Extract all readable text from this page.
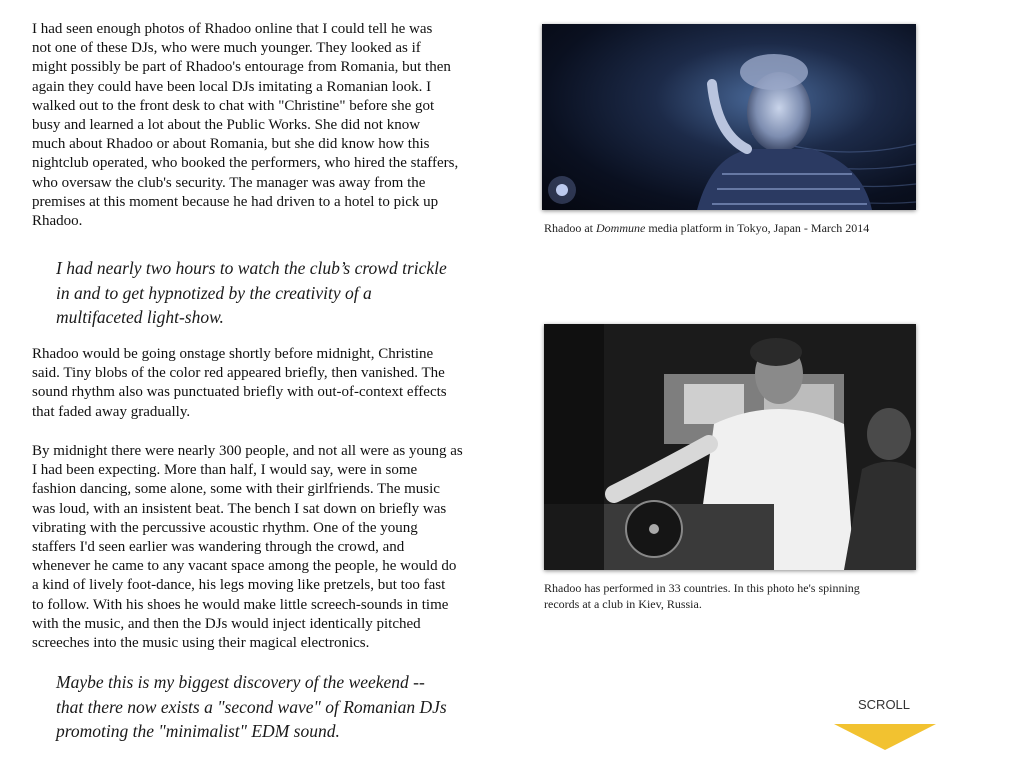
I had seen enough photos of Rhadoo online that I could tell he was
not one of these DJs, who were much younger. They looked as if
might possibly be part of Rhadoo's entourage from Romania, but then
again they could have been local DJs imitating a Romanian look. I
walked out to the front desk to chat with "Christine" before she got
busy and learned a lot about the Public Works. She did not know
much about Rhadoo or about Romania, but she did know how this
nightclub operated, who booked the performers, who hired the staffers,
who oversaw the club's security. The manager was away from the
premises at this moment because he had driven to a hotel to pick up
Rhadoo.

I had nearly two hours to watch the club’s crowd trickle
in and to get hypnotized by the creativity of a
multifaceted light-show.

Rhadoo would be going onstage shortly before midnight, Christine
said. Tiny blobs of the color red appeared briefly, then vanished. The
sound rhythm also was punctuated briefly with out-of-context effects
that faded away gradually.

By midnight there were nearly 300 people, and not all were as young as
I had been expecting. More than half, I would say, were in some
fashion dancing, some alone, some with their girlfriends. The music
was loud, with an insistent beat. The bench I sat down on briefly was
vibrating with the percussive acoustic rhythm. One of the young
staffers I'd seen earlier was wandering through the crowd, and
whenever he came to any vacant space among the people, he would do
a kind of lively foot-dance, his legs moving like pretzels, but too fast
to follow. With his shoes he would make little screech-sounds in time
with the music, and then the DJs would inject identically pitched
screeches into the music using their magical electronics.

Maybe this is my biggest discovery of the weekend --
that there now exists a "second wave" of Romanian DJs
promoting the "minimalist" EDM sound.

Rhadoo at Dommune media platform in Tokyo, Japan - March 2014
Rhadoo has performed in 33 countries. In this photo he's spinning records at a club in Kiev, Russia.
SCROLL
